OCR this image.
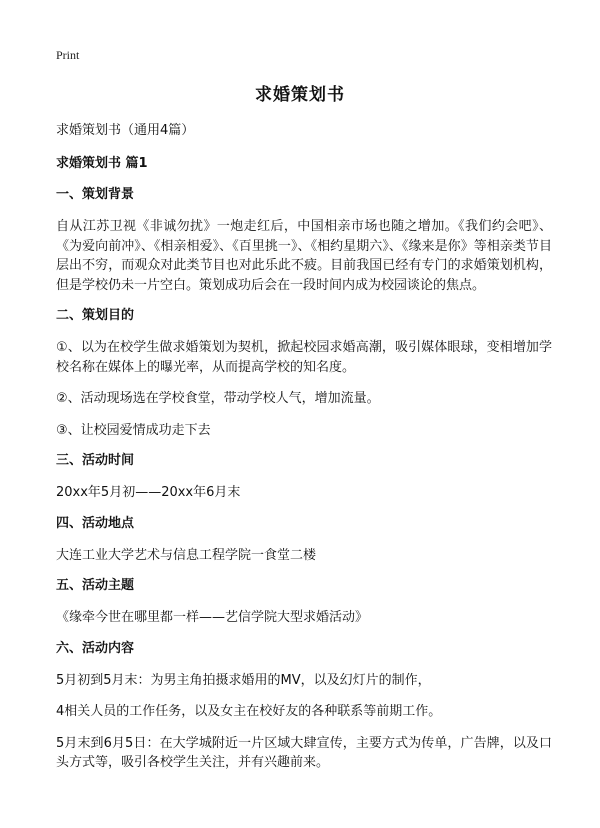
Print
求婚策划书
求婚策划书（通用4篇）
求婚策划书 篇1
一、策划背景
自从江苏卫视《非诚勿扰》一炮走红后，中国相亲市场也随之增加。《我们约会吧》、《为爱向前冲》、《相亲相爱》、《百里挑一》、《相约星期六》、《缘来是你》等相亲类节目层出不穷，而观众对此类节目也对此乐此不疲。目前我国已经有专门的求婚策划机构，但是学校仍未一片空白。策划成功后会在一段时间内成为校园谈论的焦点。
二、策划目的
①、以为在校学生做求婚策划为契机，掀起校园求婚高潮，吸引媒体眼球，变相增加学校名称在媒体上的曝光率，从而提高学校的知名度。
②、活动现场选在学校食堂，带动学校人气，增加流量。
③、让校园爱情成功走下去
三、活动时间
20xx年5月初——20xx年6月末
四、活动地点
大连工业大学艺术与信息工程学院一食堂二楼
五、活动主题
《缘牵今世在哪里都一样——艺信学院大型求婚活动》
六、活动内容
5月初到5月末：为男主角拍摄求婚用的MV，以及幻灯片的制作，
4相关人员的工作任务，以及女主在校好友的各种联系等前期工作。
5月末到6月5日：在大学城附近一片区域大肆宣传，主要方式为传单，广告牌，以及口头方式等，吸引各校学生关注，并有兴趣前来。
